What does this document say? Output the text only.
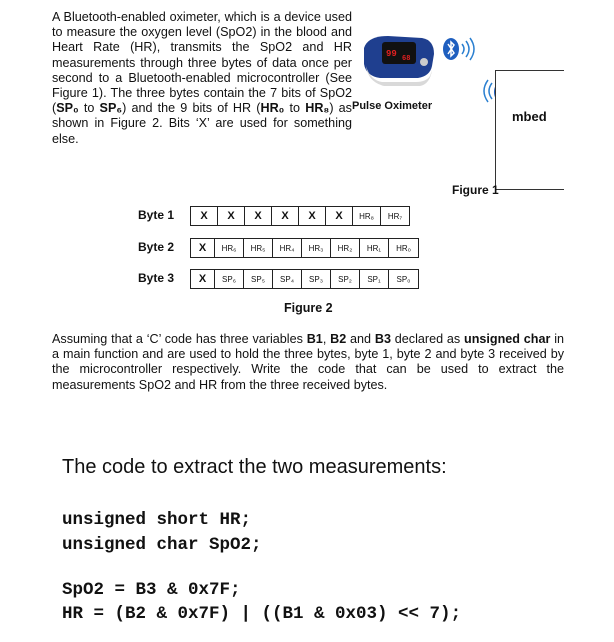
A Bluetooth-enabled oximeter, which is a device used to measure the oxygen level (SpO2) in the blood and Heart Rate (HR), transmits the SpO2 and HR measurements through three bytes of data once per second to a Bluetooth-enabled microcontroller (See Figure 1). The three bytes contain the 7 bits of SpO2 (SP₀ to SP₆) and the 9 bits of HR (HR₀ to HR₈) as shown in Figure 2. Bits ‘X’ are used for something else.
99 68
Pulse Oximeter
mbed
Figure 1
Byte 1	X	X	X	X	X	X	HR₈	HR₇
Byte 2	X	HR₆	HR₅	HR₄	HR₃	HR₂	HR₁	HR₀
Byte 3	X	SP₆	SP₅	SP₄	SP₃	SP₂	SP₁	SP₀
Figure 2
Assuming that a ‘C’ code has three variables B1, B2 and B3 declared as unsigned char in a main function and are used to hold the three bytes, byte 1, byte 2 and byte 3 received by the microcontroller respectively. Write the code that can be used to extract the measurements SpO2 and HR from the three received bytes.
The code to extract the two measurements:
unsigned short HR;
unsigned char SpO2;
SpO2 = B3 & 0x7F;
HR = (B2 & 0x7F) | ((B1 & 0x03) << 7);
